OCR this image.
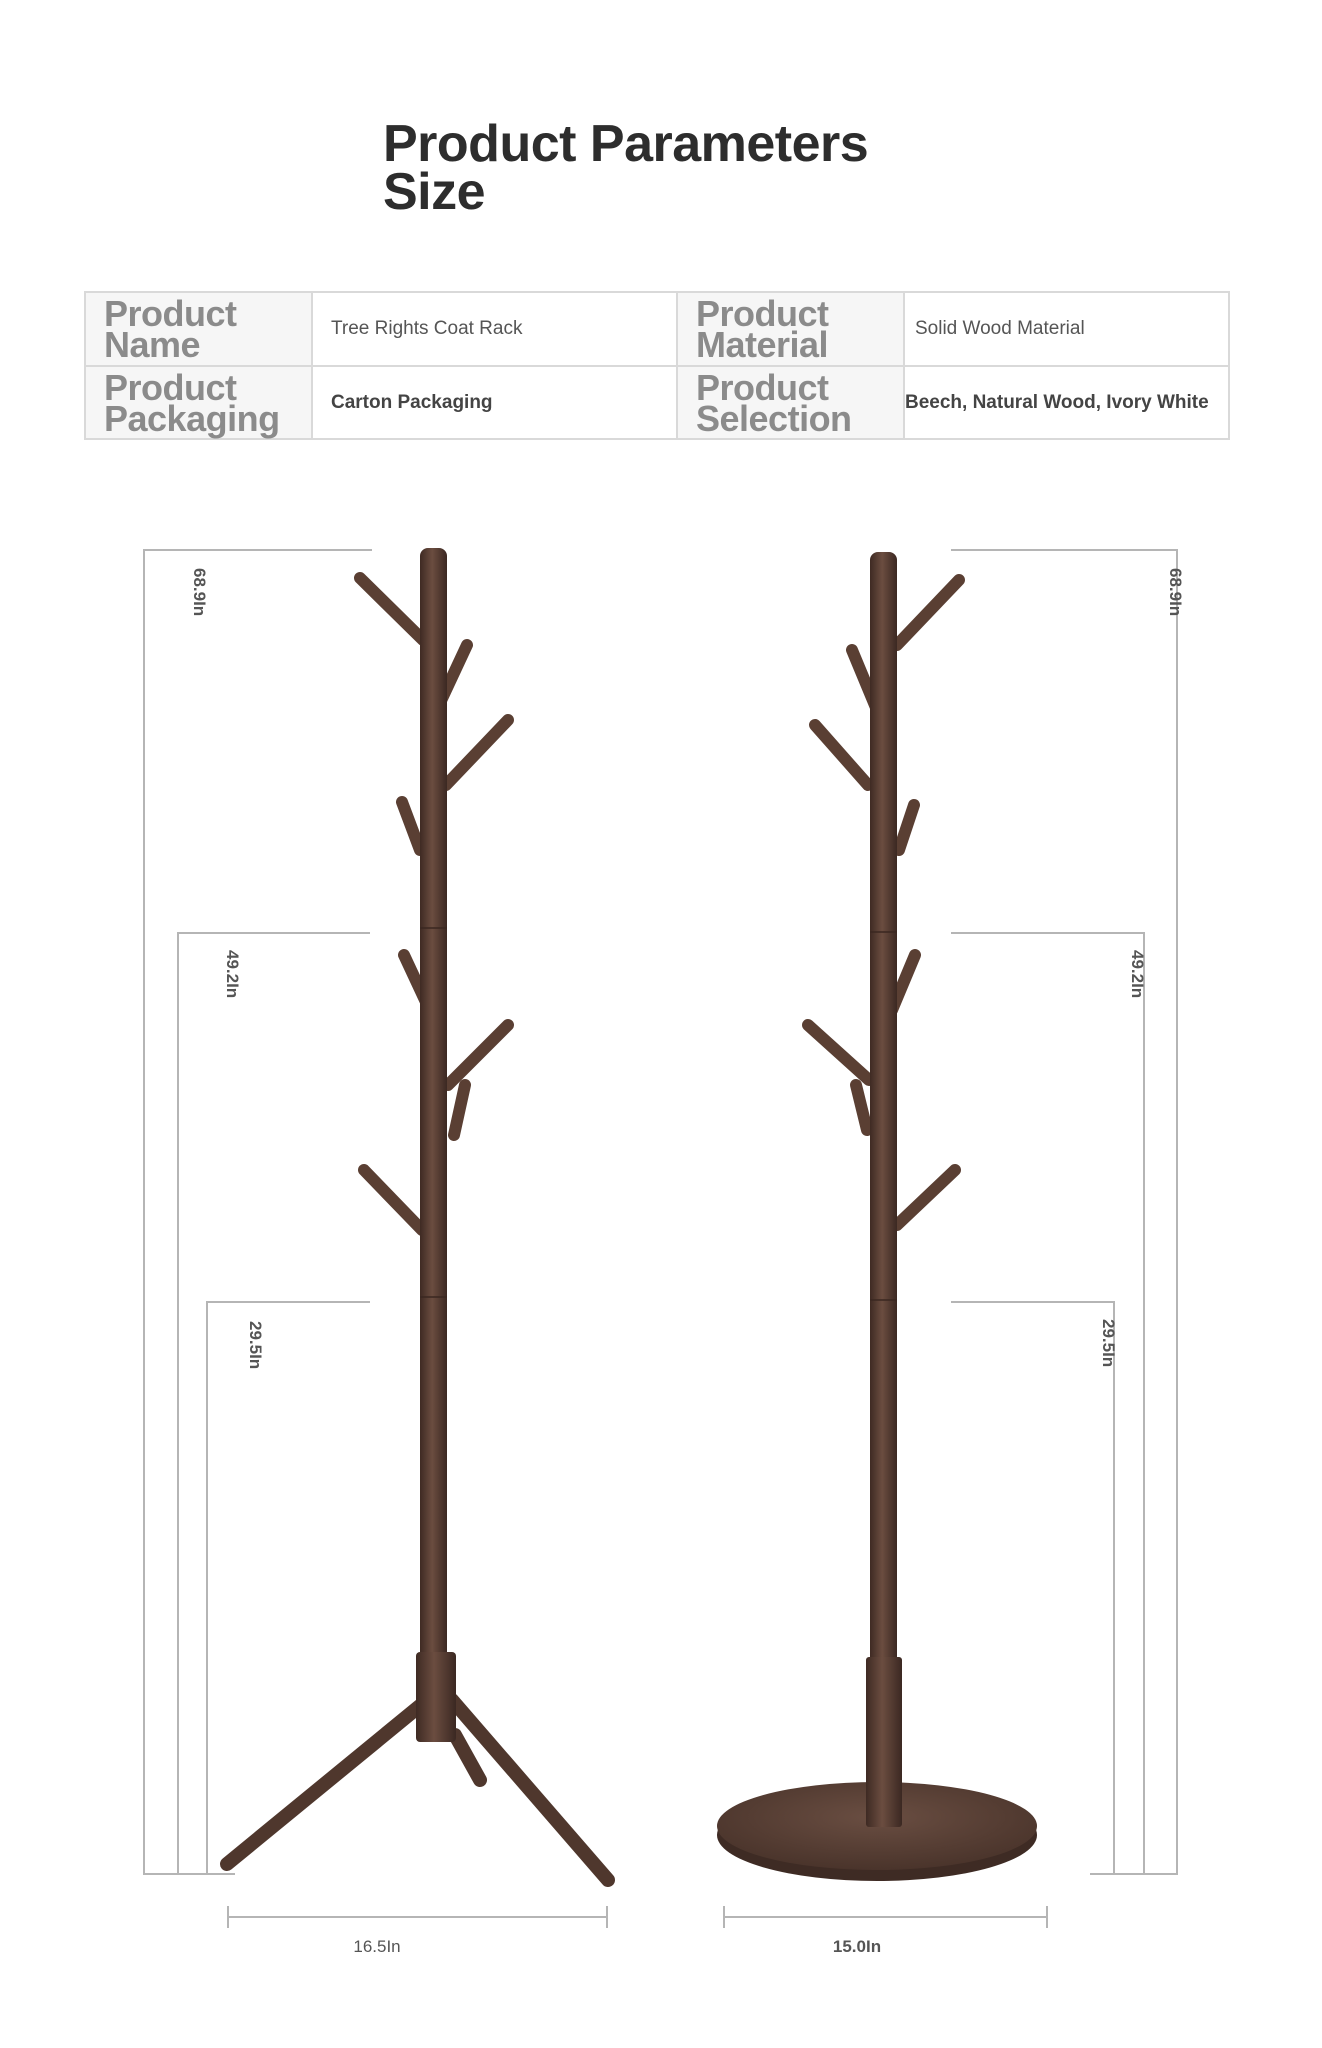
Product Parameters
Size
Product Name	Tree Rights Coat Rack	Product Material	Solid Wood Material
Product Packaging	Carton Packaging	Product Selection	Beech, Natural Wood, Ivory White
68.9In
49.2In
29.5In
16.5In
68.9In
49.2In
29.5In
15.0In
